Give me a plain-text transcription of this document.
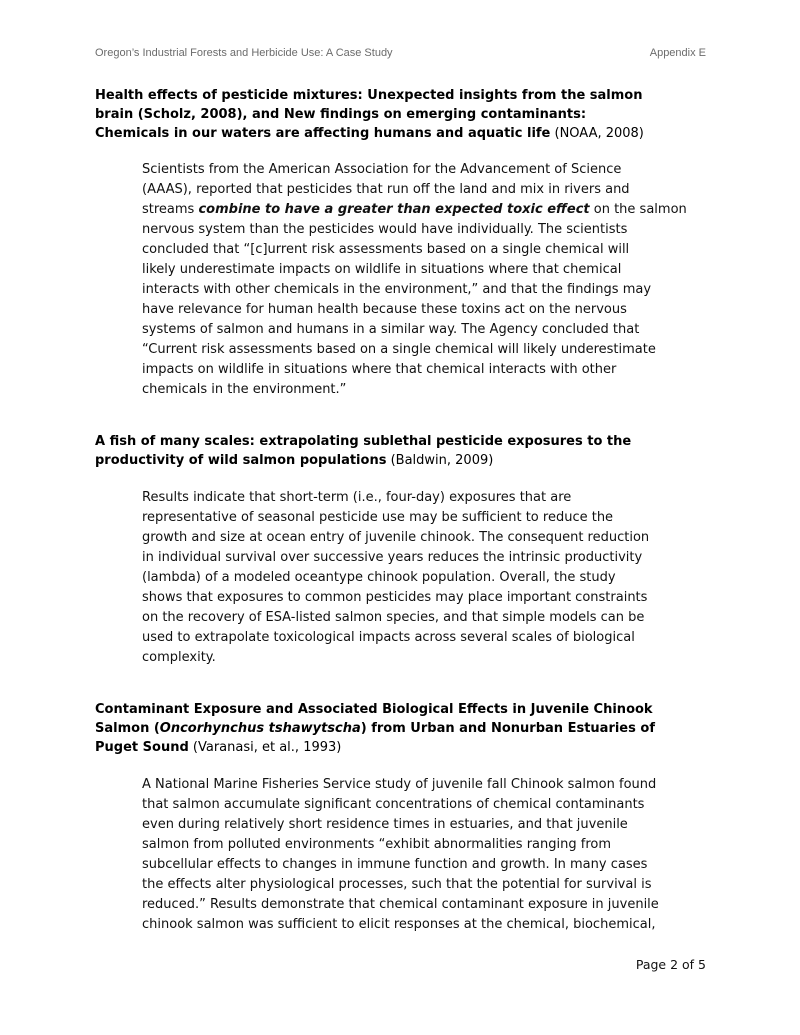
Oregon’s Industrial Forests and Herbicide Use: A Case Study	Appendix E
Health effects of pesticide mixtures: Unexpected insights from the salmon
brain (Scholz, 2008), and New findings on emerging contaminants:
Chemicals in our waters are affecting humans and aquatic life (NOAA, 2008)
Scientists from the American Association for the Advancement of Science
(AAAS), reported that pesticides that run off the land and mix in rivers and
streams combine to have a greater than expected toxic effect on the salmon
nervous system than the pesticides would have individually. The scientists
concluded that “[c]urrent risk assessments based on a single chemical will
likely underestimate impacts on wildlife in situations where that chemical
interacts with other chemicals in the environment,” and that the findings may
have relevance for human health because these toxins act on the nervous
systems of salmon and humans in a similar way. The Agency concluded that
“Current risk assessments based on a single chemical will likely underestimate
impacts on wildlife in situations where that chemical interacts with other
chemicals in the environment.”
A fish of many scales: extrapolating sublethal pesticide exposures to the
productivity of wild salmon populations (Baldwin, 2009)
Results indicate that short-term (i.e., four-day) exposures that are
representative of seasonal pesticide use may be sufficient to reduce the
growth and size at ocean entry of juvenile chinook. The consequent reduction
in individual survival over successive years reduces the intrinsic productivity
(lambda) of a modeled oceantype chinook population. Overall, the study
shows that exposures to common pesticides may place important constraints
on the recovery of ESA-listed salmon species, and that simple models can be
used to extrapolate toxicological impacts across several scales of biological
complexity.
Contaminant Exposure and Associated Biological Effects in Juvenile Chinook
Salmon (Oncorhynchus tshawytscha) from Urban and Nonurban Estuaries of
Puget Sound (Varanasi, et al., 1993)
A National Marine Fisheries Service study of juvenile fall Chinook salmon found
that salmon accumulate significant concentrations of chemical contaminants
even during relatively short residence times in estuaries, and that juvenile
salmon from polluted environments “exhibit abnormalities ranging from
subcellular effects to changes in immune function and growth. In many cases
the effects alter physiological processes, such that the potential for survival is
reduced.” Results demonstrate that chemical contaminant exposure in juvenile
chinook salmon was sufficient to elicit responses at the chemical, biochemical,
Page 2 of 5
